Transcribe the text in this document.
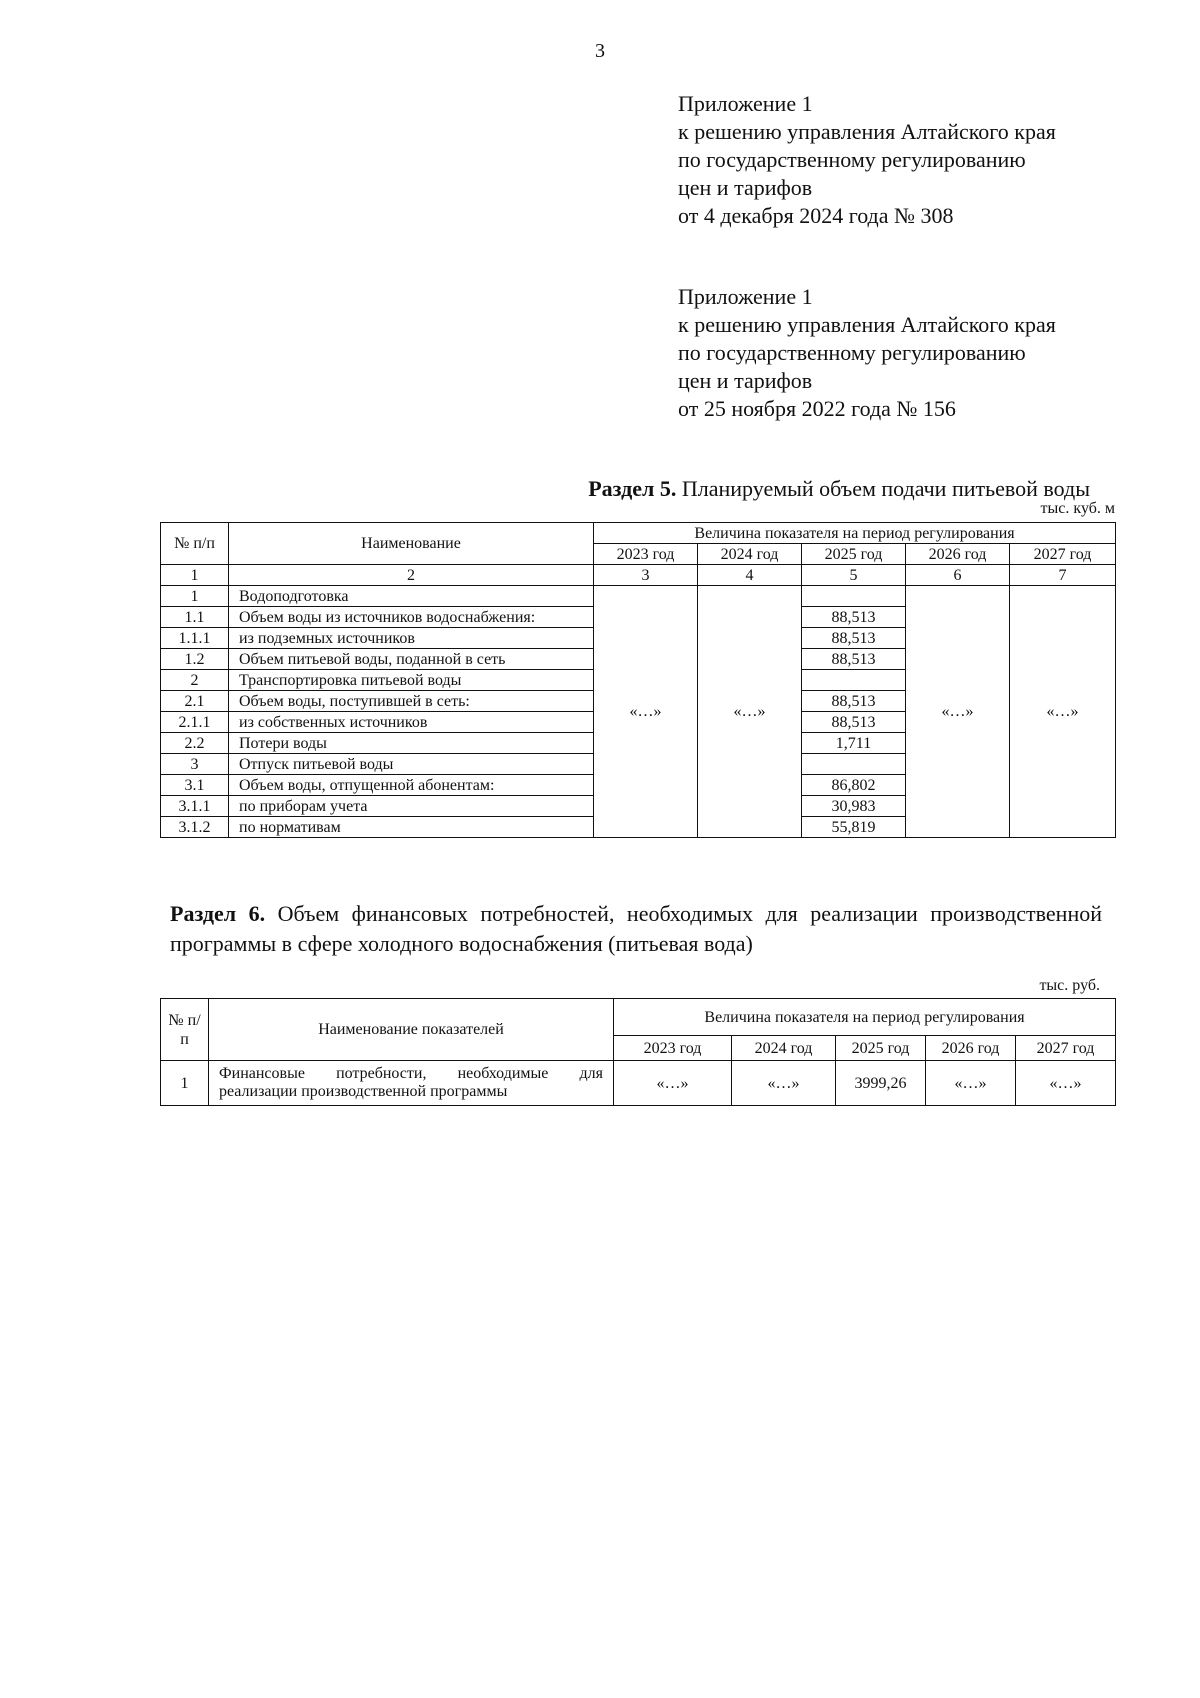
3
Приложение 1
к решению управления Алтайского края
по государственному регулированию
цен и тарифов
от 4 декабря 2024 года № 308
Приложение 1
к решению управления Алтайского края
по государственному регулированию
цен и тарифов
от 25 ноября 2022 года № 156
Раздел 5. Планируемый объем подачи питьевой воды
тыс. куб. м
№ п/п	Наименование	Величина показателя на период регулирования				
		2023 год	2024 год	2025 год	2026 год	2027 год
1	2	3	4	5	6	7
1	Водоподготовка	«…»	«…»		«…»	«…»
1.1	Объем воды из источников водоснабжения:			88,513		
1.1.1	из подземных источников			88,513		
1.2	Объем питьевой воды, поданной в сеть			88,513		
2	Транспортировка питьевой воды					
2.1	Объем воды, поступившей в сеть:			88,513		
2.1.1	из собственных источников			88,513		
2.2	Потери воды			1,711		
3	Отпуск питьевой воды					
3.1	Объем воды, отпущенной абонентам:			86,802		
3.1.1	по приборам учета			30,983		
3.1.2	по нормативам			55,819		
Раздел 6. Объем финансовых потребностей, необходимых для реализации производственной программы в сфере холодного водоснабжения (питьевая вода)
тыс. руб.
№ п/п	Наименование показателей	Величина показателя на период регулирования				
		2023 год	2024 год	2025 год	2026 год	2027 год
1	Финансовые потребности, необходимые для реализации производственной программы	«…»	«…»	3999,26	«…»	«…»
